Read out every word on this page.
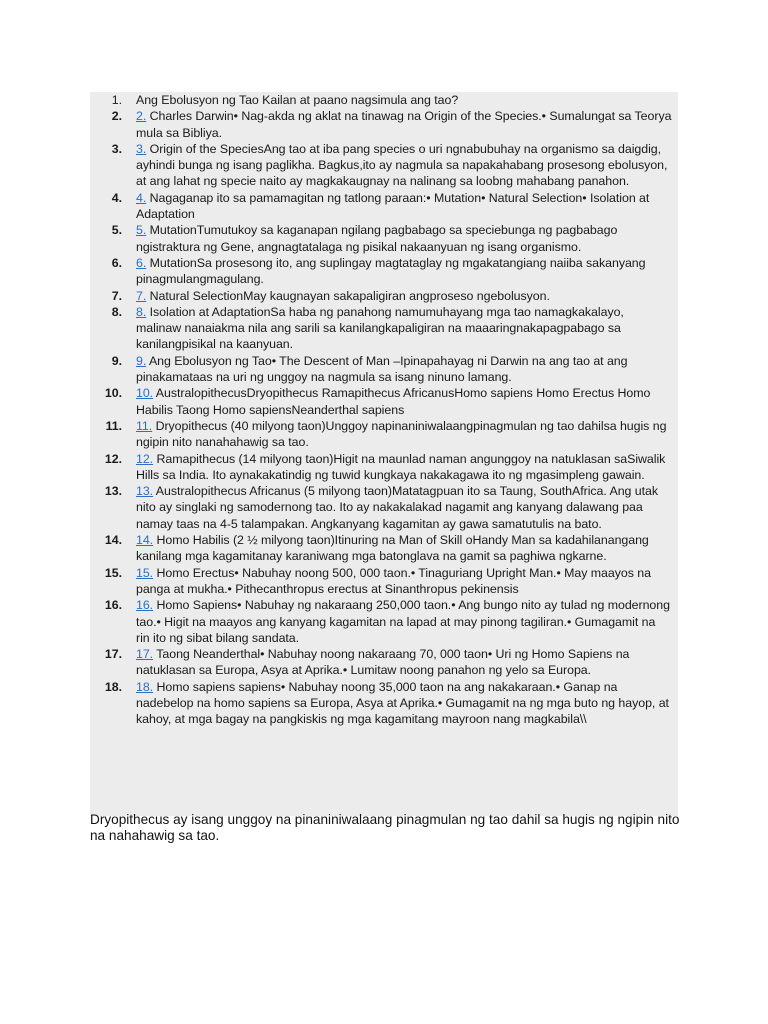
1. Ang Ebolusyon ng Tao Kailan at paano nagsimula ang tao?
2. 2. Charles Darwin• Nag-akda ng aklat na tinawag na Origin of the Species.• Sumalungat sa Teorya mula sa Bibliya.
3. 3. Origin of the SpeciesAng tao at iba pang species o uri ngnabubuhay na organismo sa daigdig, ayhindi bunga ng isang paglikha. Bagkus,ito ay nagmula sa napakahabang prosesong ebolusyon, at ang lahat ng specie naito ay magkakaugnay na nalinang sa loobng mahabang panahon.
4. 4. Nagaganap ito sa pamamagitan ng tatlong paraan:• Mutation• Natural Selection• Isolation at Adaptation
5. 5. MutationTumutukoy sa kaganapan ngilang pagbabago sa speciebunga ng pagbabago ngistraktura ng Gene, angnagtatalaga ng pisikal nakaanyuan ng isang organismo.
6. 6. MutationSa prosesong ito, ang suplingay magtataglay ng mgakatangiang naiiba sakanyang pinagmulangmagulang.
7. 7. Natural SelectionMay kaugnayan sakapaligiran angproseso ngebolusyon.
8. 8. Isolation at AdaptationSa haba ng panahong namumuhayang mga tao namagkakalayo, malinaw nanaiakma nila ang sarili sa kanilangkapaligiran na maaaringnakapagpabago sa kanilangpisikal na kaanyuan.
9. 9. Ang Ebolusyon ng Tao• The Descent of Man –Ipinapahayag ni Darwin na ang tao at ang pinakamataas na uri ng unggoy na nagmula sa isang ninuno lamang.
10. 10. AustralopithecusDryopithecus Ramapithecus AfricanusHomo sapiens Homo Erectus Homo Habilis Taong Homo sapiensNeanderthal sapiens
11. 11. Dryopithecus (40 milyong taon)Unggoy napinaniniwalaangpinagmulan ng tao dahilsa hugis ng ngipin nito nanahahawig sa tao.
12. 12. Ramapithecus (14 milyong taon)Higit na maunlad naman angunggoy na natuklasan saSiwalik Hills sa India. Ito aynakakatindig ng tuwid kungkaya nakakagawa ito ng mgasimpleng gawain.
13. 13. Australopithecus Africanus (5 milyong taon)Matatagpuan ito sa Taung, SouthAfrica. Ang utak nito ay singlaki ng samodernong tao. Ito ay nakakalakad nagamit ang kanyang dalawang paa namay taas na 4-5 talampakan. Angkanyang kagamitan ay gawa samatutulis na bato.
14. 14. Homo Habilis (2 ½ milyong taon)Itinuring na Man of Skill oHandy Man sa kadahilanangang kanilang mga kagamitanay karaniwang mga batonglava na gamit sa paghiwa ngkarne.
15. 15. Homo Erectus• Nabuhay noong 500, 000 taon.• Tinaguriang Upright Man.• May maayos na panga at mukha.• Pithecanthropus erectus at Sinanthropus pekinensis
16. 16. Homo Sapiens• Nabuhay ng nakaraang 250,000 taon.• Ang bungo nito ay tulad ng modernong tao.• Higit na maayos ang kanyang kagamitan na lapad at may pinong tagiliran.• Gumagamit na rin ito ng sibat bilang sandata.
17. 17. Taong Neanderthal• Nabuhay noong nakaraang 70, 000 taon• Uri ng Homo Sapiens na natuklasan sa Europa, Asya at Aprika.• Lumitaw noong panahon ng yelo sa Europa.
18. 18. Homo sapiens sapiens• Nabuhay noong 35,000 taon na ang nakakaraan.• Ganap na nadebelop na homo sapiens sa Europa, Asya at Aprika.• Gumagamit na ng mga buto ng hayop, at kahoy, at mga bagay na pangkiskis ng mga kagamitang mayroon nang magkabila\\
Dryopithecus ay isang unggoy na pinaniniwalaang pinagmulan ng tao dahil sa hugis ng ngipin nito na nahahawig sa tao.
